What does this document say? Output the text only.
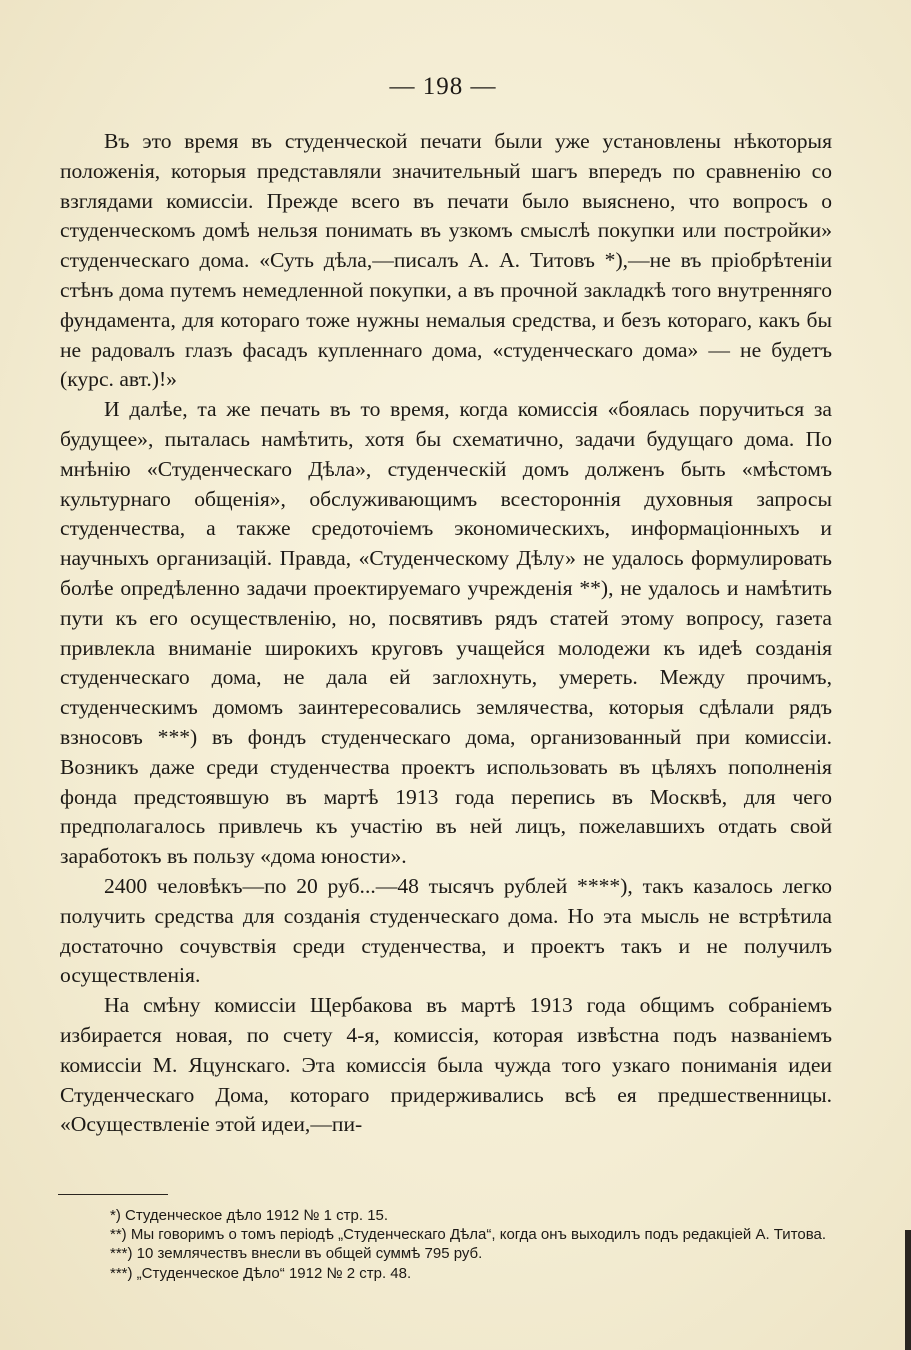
— 198 —

Въ это время въ студенческой печати были уже установлены нѣкоторыя положенія, которыя представляли значительный шагъ впередъ по сравненію со взглядами комиссіи. Прежде всего въ печати было выяснено, что вопросъ о студенческомъ домѣ нельзя понимать въ узкомъ смыслѣ покупки или постройки» студенческаго дома. «Суть дѣла,—писалъ А. А. Титовъ *),—не въ пріобрѣтеніи стѣнъ дома путемъ немедленной покупки, а въ прочной закладкѣ того внутренняго фундамента, для котораго тоже нужны немалыя средства, и безъ котораго, какъ бы не радовалъ глазъ фасадъ купленнаго дома, «студенческаго дома» — не будетъ (курс. авт.)!»

И далѣе, та же печать въ то время, когда комиссія «боялась поручиться за будущее», пыталась намѣтить, хотя бы схематично, задачи будущаго дома. По мнѣнію «Студенческаго Дѣла», студенческій домъ долженъ быть «мѣстомъ культурнаго общенія», обслуживающимъ всестороннія духовныя запросы студенчества, а также средоточіемъ экономическихъ, информаціонныхъ и научныхъ организацій. Правда, «Студенческому Дѣлу» не удалось формулировать болѣе опредѣленно задачи проектируемаго учрежденія **), не удалось и намѣтить пути къ его осуществленію, но, посвятивъ рядъ статей этому вопросу, газета привлекла вниманіе широкихъ круговъ учащейся молодежи къ идеѣ созданія студенческаго дома, не дала ей заглохнуть, умереть. Между прочимъ, студенческимъ домомъ заинтересовались землячества, которыя сдѣлали рядъ взносовъ ***) въ фондъ студенческаго дома, организованный при комиссіи. Возникъ даже среди студенчества проектъ использовать въ цѣляхъ пополненія фонда предстоявшую въ мартѣ 1913 года перепись въ Москвѣ, для чего предполагалось привлечь къ участію въ ней лицъ, пожелавшихъ отдать свой заработокъ въ пользу «дома юности».

2400 человѣкъ—по 20 руб...—48 тысячъ рублей ****), такъ казалось легко получить средства для созданія студенческаго дома. Но эта мысль не встрѣтила достаточно сочувствія среди студенчества, и проектъ такъ и не получилъ осуществленія.

На смѣну комиссіи Щербакова въ мартѣ 1913 года общимъ собраніемъ избирается новая, по счету 4-я, комиссія, которая извѣстна подъ названіемъ комиссіи М. Яцунскаго. Эта комиссія была чужда того узкаго пониманія идеи Студенческаго Дома, котораго придерживались всѣ ея предшественницы. «Осуществленіе этой идеи,—пи-

*) Студенческое дѣло 1912 № 1 стр. 15.

**) Мы говоримъ о томъ періодѣ „Студенческаго Дѣла“, когда онъ выходилъ подъ редакціей А. Титова.

***) 10 землячествъ внесли въ общей суммѣ 795 руб.

***) „Студенческое Дѣло“ 1912 № 2 стр. 48.
